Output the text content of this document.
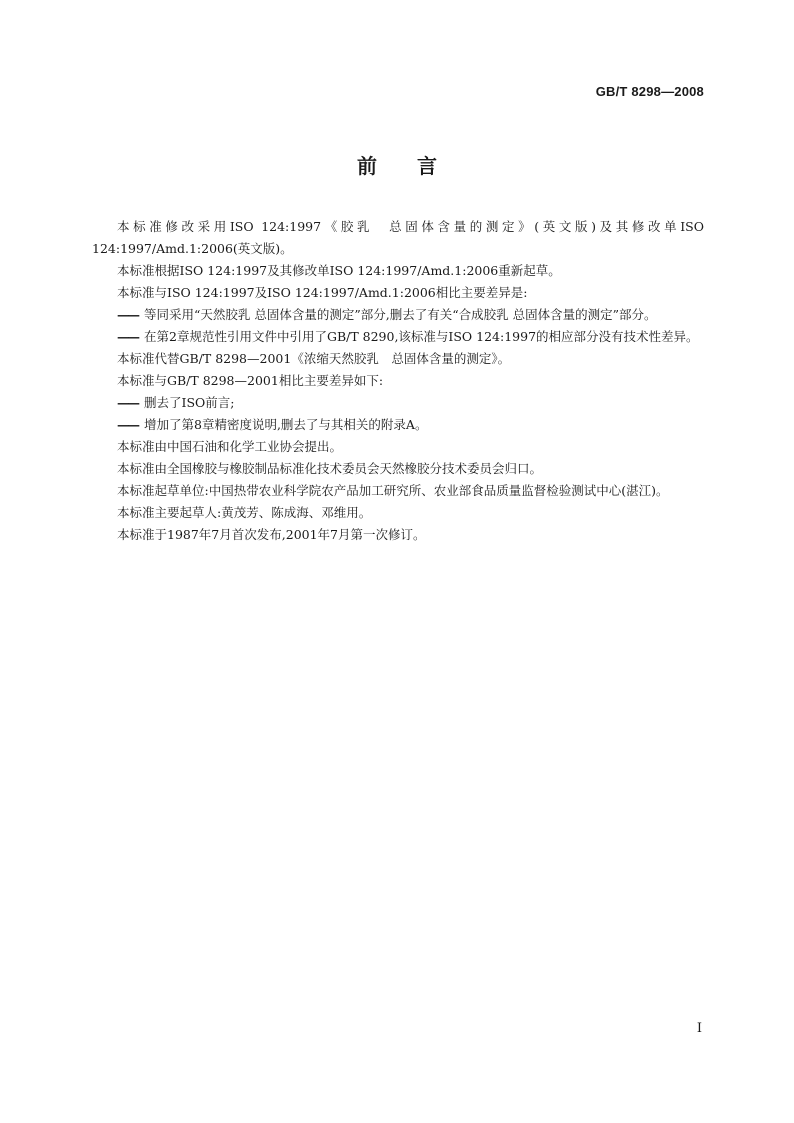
GB/T 8298—2008
前言

本标准修改采用ISO 124:1997《胶乳　总固体含量的测定》(英文版)及其修改单ISO 124:1997/Amd.1:2006(英文版)。

本标准根据ISO 124:1997及其修改单ISO 124:1997/Amd.1:2006重新起草。

本标准与ISO 124:1997及ISO 124:1997/Amd.1:2006相比主要差异是:

—— 等同采用“天然胶乳 总固体含量的测定”部分,删去了有关“合成胶乳 总固体含量的测定”部分。

—— 在第2章规范性引用文件中引用了GB/T 8290,该标准与ISO 124:1997的相应部分没有技术性差异。

本标准代替GB/T 8298—2001《浓缩天然胶乳　总固体含量的测定》。

本标准与GB/T 8298—2001相比主要差异如下:

—— 删去了ISO前言;

—— 增加了第8章精密度说明,删去了与其相关的附录A。

本标准由中国石油和化学工业协会提出。

本标准由全国橡胶与橡胶制品标准化技术委员会天然橡胶分技术委员会归口。

本标准起草单位:中国热带农业科学院农产品加工研究所、农业部食品质量监督检验测试中心(湛江)。

本标准主要起草人:黄茂芳、陈成海、邓维用。

本标准于1987年7月首次发布,2001年7月第一次修订。

I
